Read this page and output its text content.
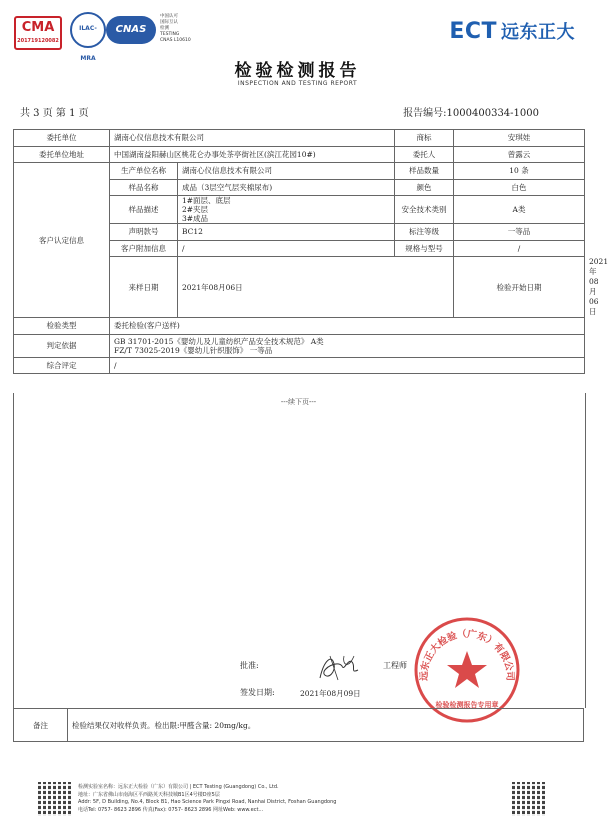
CMA
201719120082
ILAC-MRA
CNAS
中国认可
国际互认
检测
TESTING
CNAS L10610	ECT 远东正大
检验检测报告
INSPECTION AND TESTING REPORT
共 3 页 第 1 页	报告编号:1000400334-1000
委托单位	湖南心仪信息技术有限公司		商标	安琪娃	
委托单位地址	中国湖南益阳赫山区桃花仑办事处茶亭街社区(滨江花园10#)		委托人	曾露云	
客户认定信息	生产单位名称	湖南心仪信息技术有限公司	样品数量	10 条	
	样品名称	成品（3层空气层夹棉尿布)	颜色	白色	
	样品描述	1#面层、底层
2#夹层
3#成品	安全技术类别	A类	
	声明款号	BC12	标注等级	一等品	
	客户附加信息	/	规格与型号	/	
	来样日期	2021年08月06日		检验开始日期	2021年08月06日
检验类型	委托检验(客户送样)				
判定依据	GB 31701-2015《婴幼儿及儿童纺织产品安全技术规范》 A类
FZ/T 73025-2019《婴幼儿针织服饰》 一等品				

综合评定	/				
---续下页---
批准:	工程师
签发日期:	2021年08月09日
远东正大检验（广东）有限公司
检验检测报告专用章
备注	检验结果仅对收样负责。检出限:甲醛含量: 20mg/kg。
检测实验室名称：远东正大检验（广东）有限公司 | ECT Testing (Guangdong) Co., Ltd.
地址：广东省佛山市南海区平西路英天科技城B1区4号楼D座5层
Addr: 5F, D Building, No.4, Block B1, Hao Science Park Pingxi Road, Nanhai District, Foshan Guangdong
电话Tel: 0757- 8623 2896 传真(Fax): 0757- 8623 2896 网址Web: www.ect...
